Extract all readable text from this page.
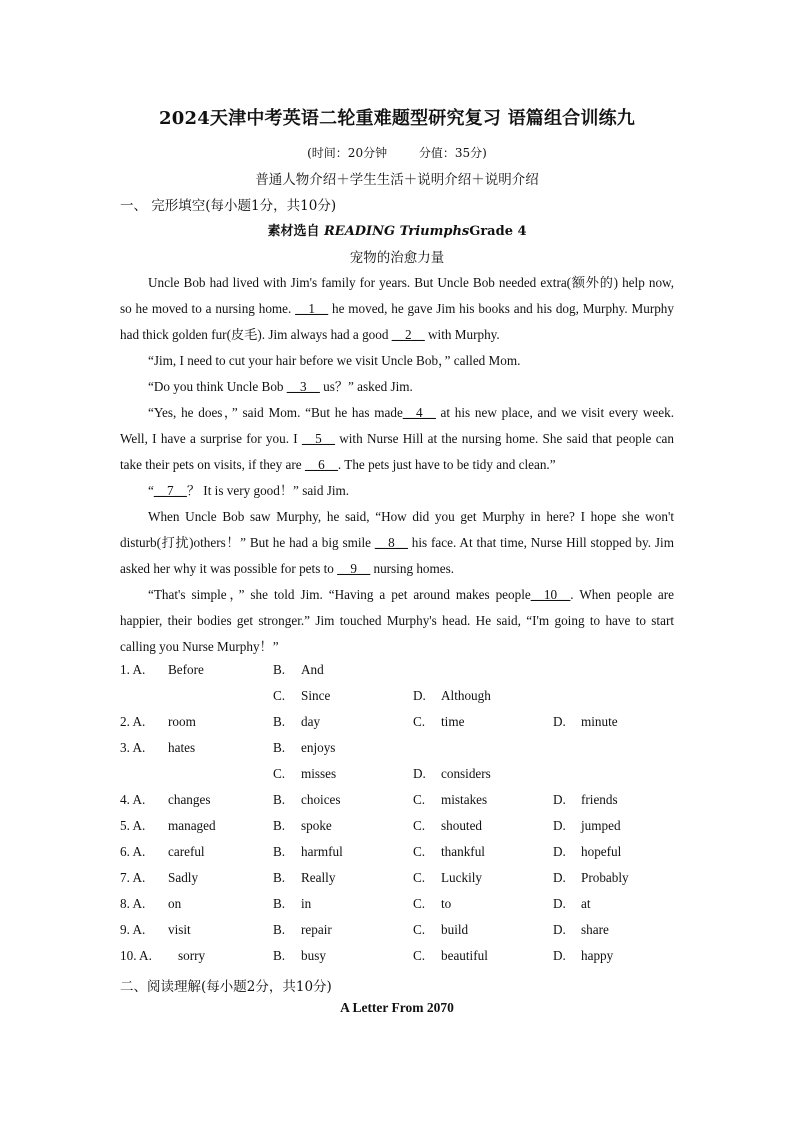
2024天津中考英语二轮重难题型研究复习 语篇组合训练九
(时间：20分钟	分值：35分)
普通人物介绍＋学生生活＋说明介绍＋说明介绍
一、 完形填空(每小题1分，共10分)
素材选自 READING TriumphsGrade 4
宠物的治愈力量

Uncle Bob had lived with Jim's family for years. But Uncle Bob needed extra(额外的) help now, so he moved to a nursing home. __1__ he moved, he gave Jim his books and his dog, Murphy. Murphy had thick golden fur(皮毛). Jim always had a good __2__ with Murphy.

“Jim, I need to cut your hair before we visit Uncle Bob，” called Mom.

“Do you think Uncle Bob __3__ us？” asked Jim.

“Yes, he does，” said Mom. “But he has made__4__ at his new place, and we visit every week. Well, I have a surprise for you. I __5__ with Nurse Hill at the nursing home. She said that people can take their pets on visits, if they are __6__. The pets just have to be tidy and clean.”

“__7__？ It is very good！” said Jim.

When Uncle Bob saw Murphy, he said, “How did you get Murphy in here? I hope she won't disturb(打扰)others！” But he had a big smile __8__ his face. At that time, Nurse Hill stopped by. Jim asked her why it was possible for pets to __9__ nursing homes.

“That's simple，” she told Jim. “Having a pet around makes people__10__. When people are happier, their bodies get stronger.” Jim touched Murphy's head. He said, “I'm going to have to start calling you Nurse Murphy！”

1. A. Before	B. And
C. Since	D. Although
2. A. room	B. day	C. time	D. minute
3. A. hates	B. enjoys
C. misses	D. considers
4. A. changes	B. choices	C. mistakes	D. friends
5. A. managed	B. spoke	C. shouted	D. jumped
6. A. careful	B. harmful	C. thankful	D. hopeful
7. A. Sadly	B. Really	C. Luckily	D. Probably
8. A. on	B. in	C. to	D. at
9. A. visit	B. repair	C. build	D. share
10. A. sorry	B. busy	C. beautiful	D. happy
二、阅读理解(每小题2分，共10分)
A Letter From 2070
